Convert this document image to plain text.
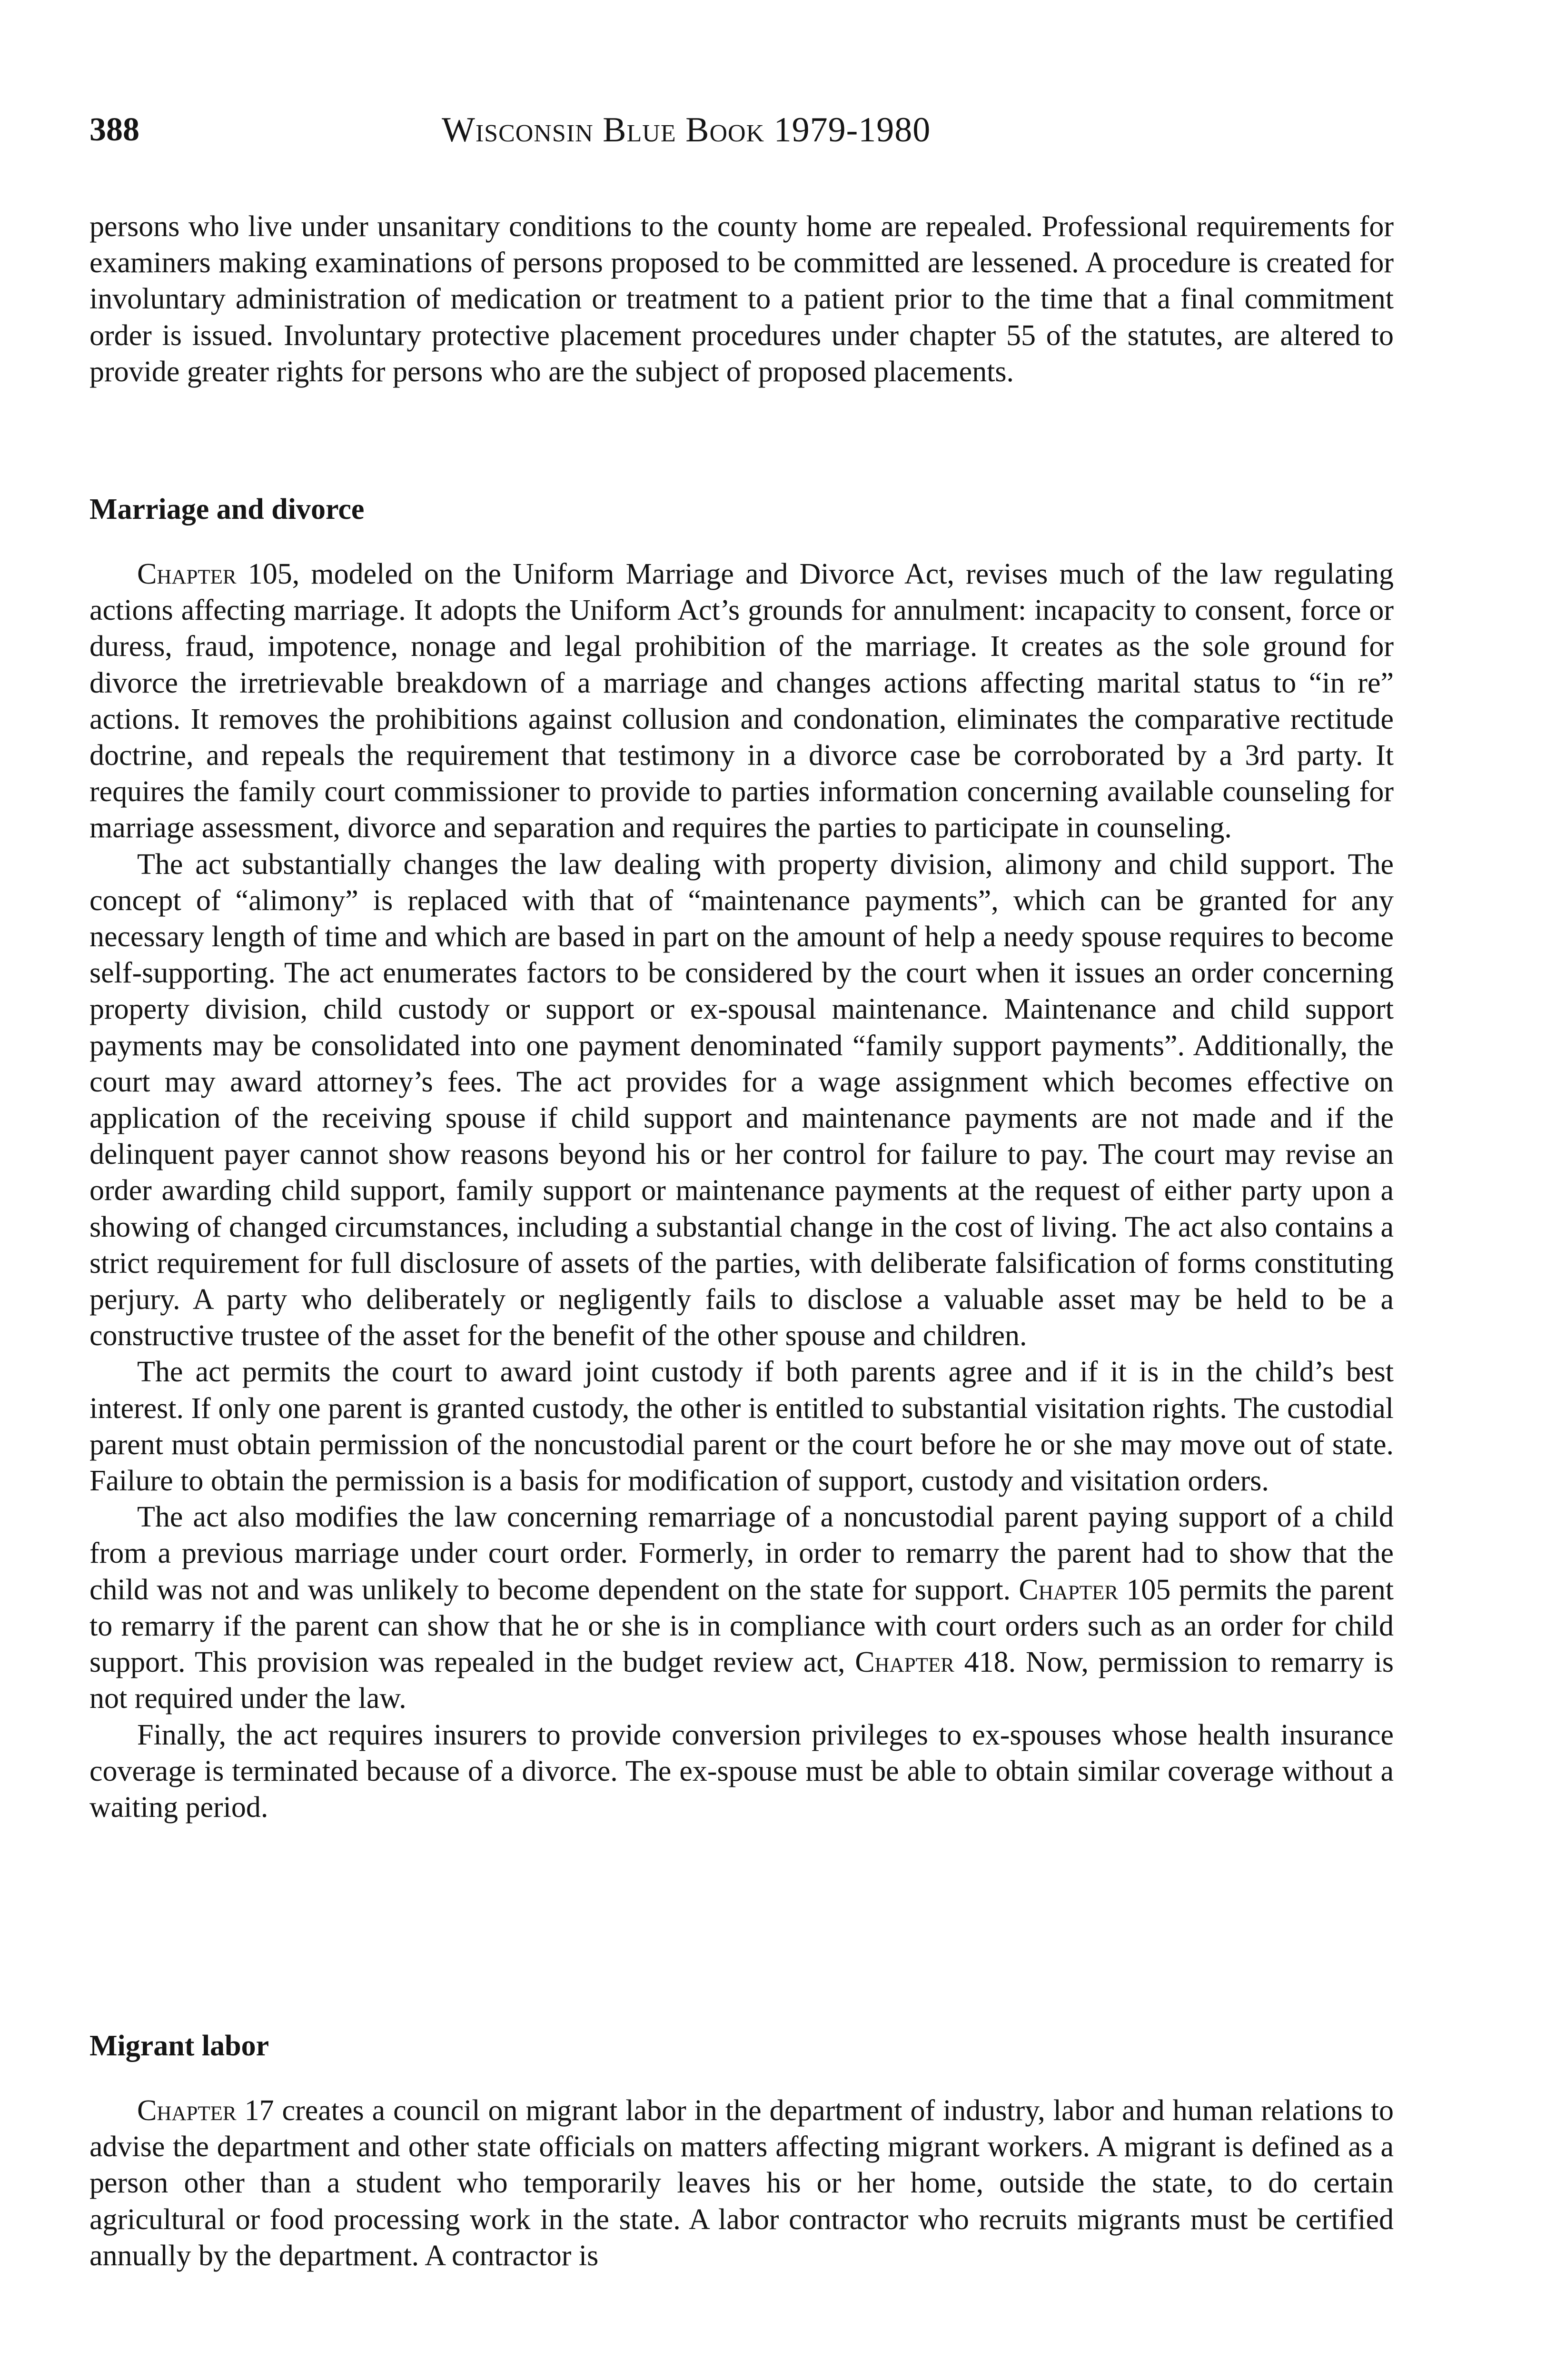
388	Wisconsin Blue Book 1979-1980

persons who live under unsanitary conditions to the county home are repealed. Professional requirements for examiners making examinations of persons proposed to be committed are lessened. A procedure is created for involuntary administration of medication or treatment to a patient prior to the time that a final commitment order is issued. Involuntary protective placement procedures under chapter 55 of the statutes, are altered to provide greater rights for persons who are the subject of proposed placements.

Marriage and divorce

Chapter 105, modeled on the Uniform Marriage and Divorce Act, revises much of the law regulating actions affecting marriage. It adopts the Uniform Act’s grounds for annulment: incapacity to consent, force or duress, fraud, impotence, nonage and legal prohibition of the marriage. It creates as the sole ground for divorce the irretrievable breakdown of a marriage and changes actions affecting marital status to “in re” actions. It removes the prohibitions against collusion and condonation, eliminates the comparative rectitude doctrine, and repeals the requirement that testimony in a divorce case be corroborated by a 3rd party. It requires the family court commissioner to provide to parties information concerning available counseling for marriage assessment, divorce and separation and requires the parties to participate in counseling.

The act substantially changes the law dealing with property division, alimony and child support. The concept of “alimony” is replaced with that of “maintenance payments”, which can be granted for any necessary length of time and which are based in part on the amount of help a needy spouse requires to become self-supporting. The act enumerates factors to be considered by the court when it issues an order concerning property division, child custody or support or ex-spousal maintenance. Maintenance and child support payments may be consolidated into one payment denominated “family support payments”. Additionally, the court may award attorney’s fees. The act provides for a wage assignment which becomes effective on application of the receiving spouse if child support and maintenance payments are not made and if the delinquent payer cannot show reasons beyond his or her control for failure to pay. The court may revise an order awarding child support, family support or maintenance payments at the request of either party upon a showing of changed circumstances, including a substantial change in the cost of living. The act also contains a strict requirement for full disclosure of assets of the parties, with deliberate falsification of forms constituting perjury. A party who deliberately or negligently fails to disclose a valuable asset may be held to be a constructive trustee of the asset for the benefit of the other spouse and children.

The act permits the court to award joint custody if both parents agree and if it is in the child’s best interest. If only one parent is granted custody, the other is entitled to substantial visitation rights. The custodial parent must obtain permission of the noncustodial parent or the court before he or she may move out of state. Failure to obtain the permission is a basis for modification of support, custody and visitation orders.

The act also modifies the law concerning remarriage of a noncustodial parent paying support of a child from a previous marriage under court order. Formerly, in order to remarry the parent had to show that the child was not and was unlikely to become dependent on the state for support. Chapter 105 permits the parent to remarry if the parent can show that he or she is in compliance with court orders such as an order for child support. This provision was repealed in the budget review act, Chapter 418. Now, permission to remarry is not required under the law.

Finally, the act requires insurers to provide conversion privileges to ex-spouses whose health insurance coverage is terminated because of a divorce. The ex-spouse must be able to obtain similar coverage without a waiting period.

Migrant labor

Chapter 17 creates a council on migrant labor in the department of industry, labor and human relations to advise the department and other state officials on matters affecting migrant workers. A migrant is defined as a person other than a student who temporarily leaves his or her home, outside the state, to do certain agricultural or food processing work in the state. A labor contractor who recruits migrants must be certified annually by the department. A contractor is
